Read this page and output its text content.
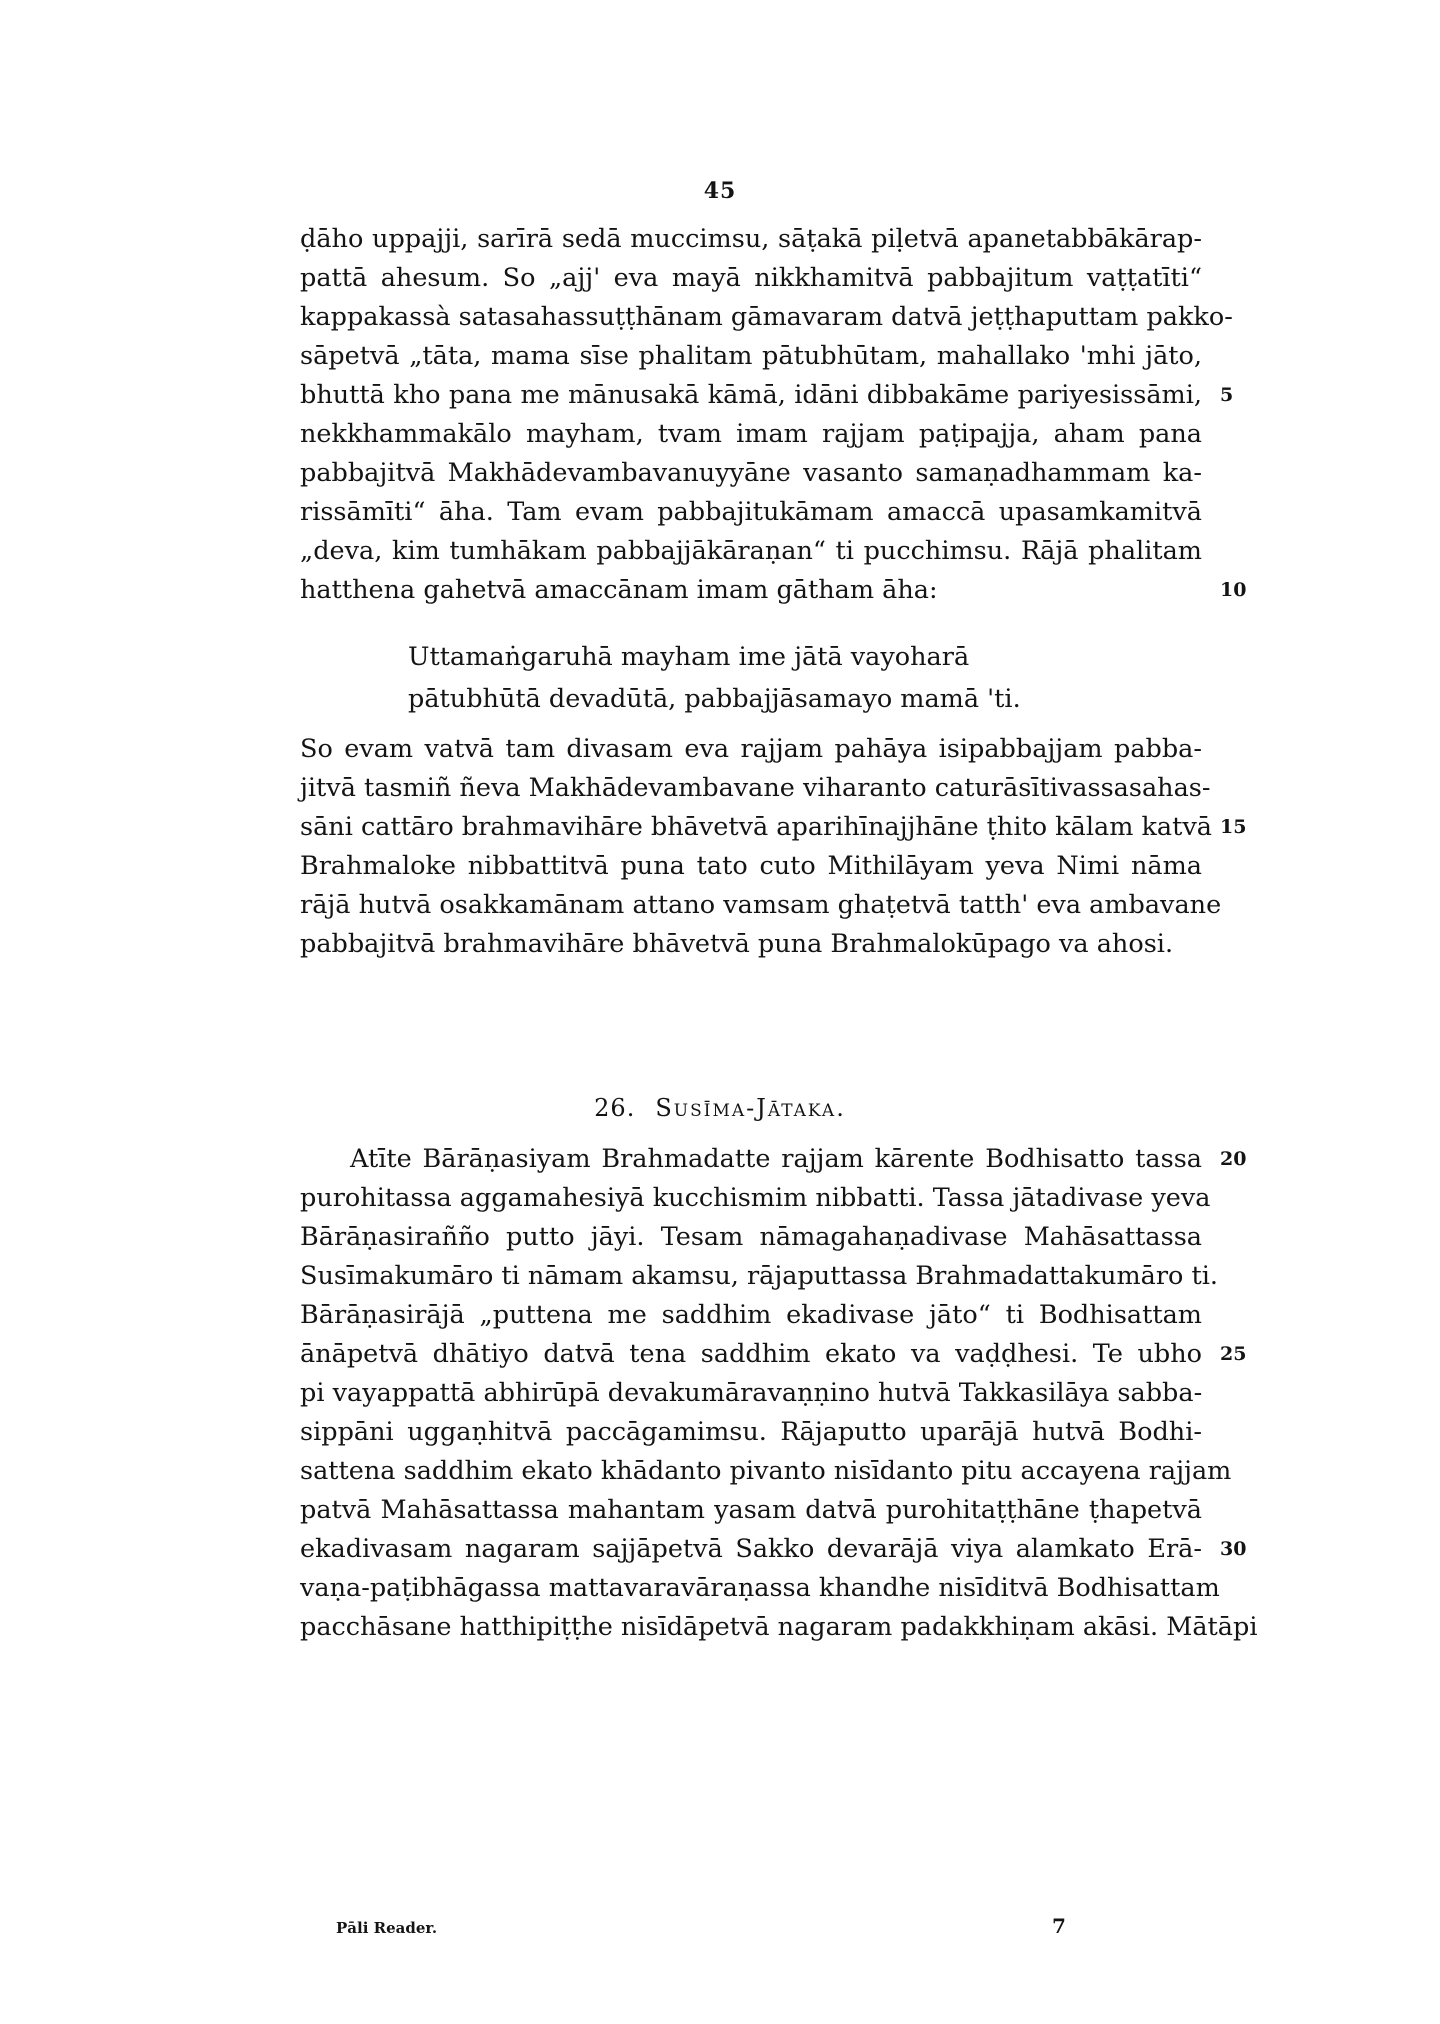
45
ḍāho uppajji, sarīrā sedā muccimsu, sāṭakā piḷetvā apanetabbākārap-
pattā ahesum. So „ajj' eva mayā nikkhamitvā pabbajitum vaṭṭatīti“
kappakassà satasahassuṭṭhānam gāmavaram datvā jeṭṭhaputtam pakko-
sāpetvā „tāta, mama sīse phalitam pātubhūtam, mahallako 'mhi jāto,
bhuttā kho pana me mānusakā kāmā, idāni dibbakāme pariyesissāmi, 5
nekkhammakālo mayham, tvam imam rajjam paṭipajja, aham pana
pabbajitvā Makhādevambavanuyyāne vasanto samaṇadhammam ka-
rissāmīti“ āha. Tam evam pabbajitukāmam amaccā upasamkamitvā
„deva, kim tumhākam pabbajjākāraṇan“ ti pucchimsu. Rājā phalitam
hatthena gahetvā amaccānam imam gātham āha:	10
Uttamaṅgaruhā mayham ime jātā vayoharā
pātubhūtā devadūtā, pabbajjāsamayo mamā 'ti.
So evam vatvā tam divasam eva rajjam pahāya isipabbajjam pabba-
jitvā tasmiñ ñeva Makhādevambavane viharanto caturāsītivassasahas-
sāni cattāro brahmavihāre bhāvetvā aparihīnajjhāne ṭhito kālam katvā 15
Brahmaloke nibbattitvā puna tato cuto Mithilāyam yeva Nimi nāma
rājā hutvā osakkamānam attano vamsam ghaṭetvā tatth' eva ambavane
pabbajitvā brahmavihāre bhāvetvā puna Brahmalokūpago va ahosi.
26. Susīma-Jātaka.
Atīte Bārāṇasiyam Brahmadatte rajjam kārente Bodhisatto tassa 20
purohitassa aggamahesiyā kucchismim nibbatti. Tassa jātadivase yeva
Bārāṇasirañño putto jāyi. Tesam nāmagahaṇadivase Mahāsattassa
Susīmakumāro ti nāmam akamsu, rājaputtassa Brahmadattakumāro ti.
Bārāṇasirājā „puttena me saddhim ekadivase jāto“ ti Bodhisattam
ānāpetvā dhātiyo datvā tena saddhim ekato va vaḍḍhesi. Te ubho 25
pi vayappattā abhirūpā devakumāravaṇṇino hutvā Takkasilāya sabba-
sippāni uggaṇhitvā paccāgamimsu. Rājaputto uparājā hutvā Bodhi-
sattena saddhim ekato khādanto pivanto nisīdanto pitu accayena rajjam
patvā Mahāsattassa mahantam yasam datvā purohitaṭṭhāne ṭhapetvā
ekadivasam nagaram sajjāpetvā Sakko devarājā viya alamkato Erā- 30
vaṇa-paṭibhāgassa mattavaravāraṇassa khandhe nisīditvā Bodhisattam
pacchāsane hatthipiṭṭhe nisīdāpetvā nagaram padakkhiṇam akāsi. Mātāpi
Pāli Reader.	7
